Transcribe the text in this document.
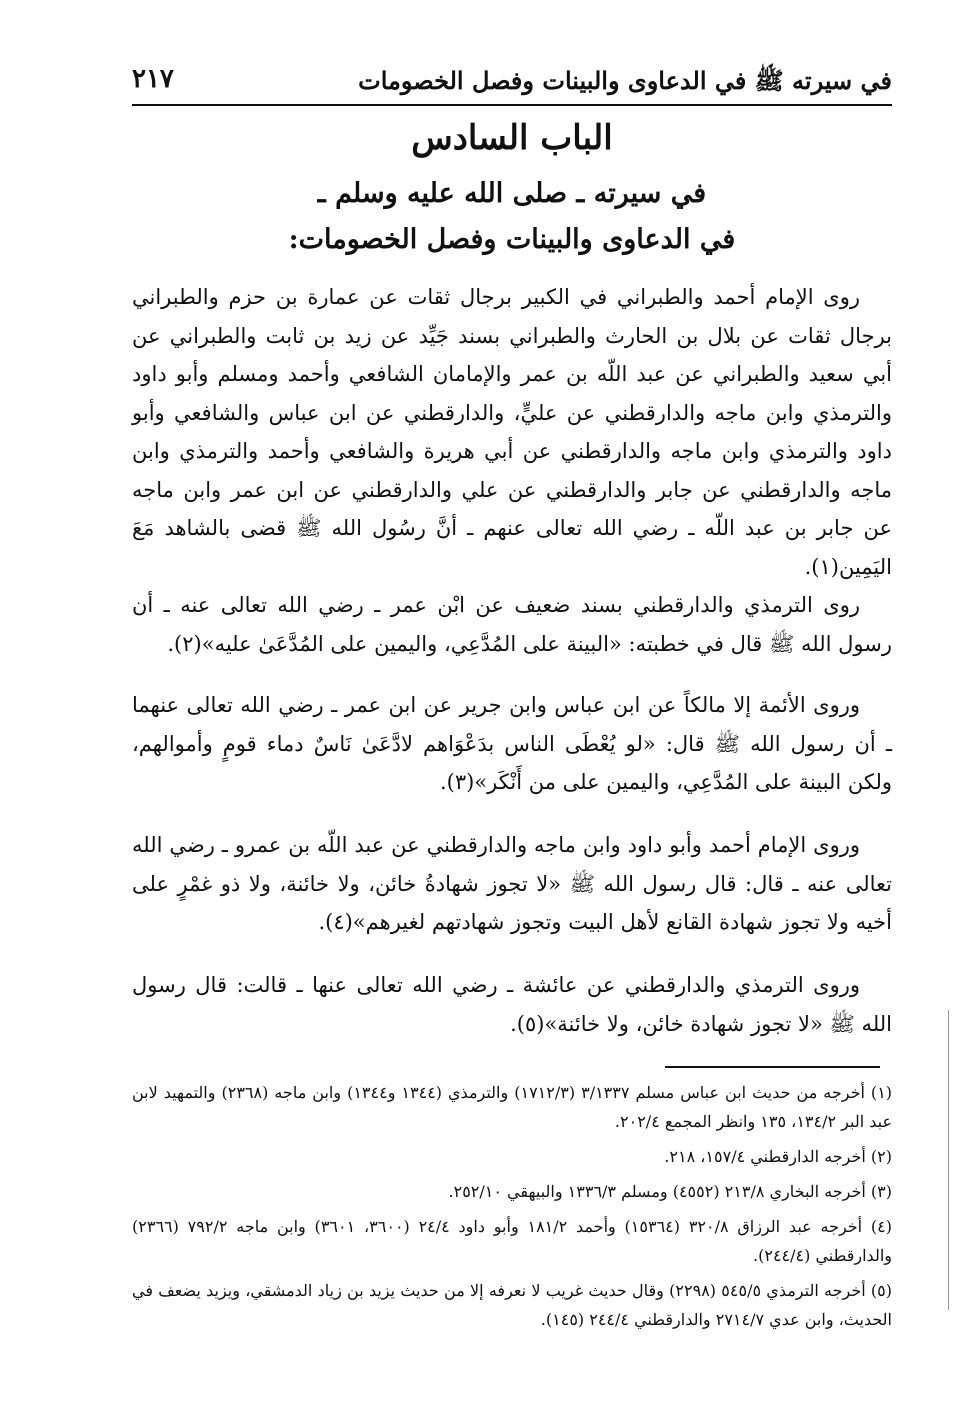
في سيرته ﷺ في الدعاوى والبينات وفصل الخصومات
٢١٧
الباب السادس
في سيرته ـ صلى الله عليه وسلم ـ
في الدعاوى والبينات وفصل الخصومات:

روى الإمام أحمد والطبراني في الكبير برجال ثقات عن عمارة بن حزم والطبراني برجال ثقات عن بلال بن الحارث والطبراني بسند جَيِّد عن زيد بن ثابت والطبراني عن أبي سعيد والطبراني عن عبد اللّه بن عمر والإمامان الشافعي وأحمد ومسلم وأبو داود والترمذي وابن ماجه والدارقطني عن عليٍّ، والدارقطني عن ابن عباس والشافعي وأبو داود والترمذي وابن ماجه والدارقطني عن أبي هريرة والشافعي وأحمد والترمذي وابن ماجه والدارقطني عن جابر والدارقطني عن علي والدارقطني عن ابن عمر وابن ماجه عن جابر بن عبد اللّه ـ رضي الله تعالى عنهم ـ أنَّ رسُول الله ﷺ قضى بالشاهد مَعَ اليَمِين(١).

روى الترمذي والدارقطني بسند ضعيف عن ابْن عمر ـ رضي الله تعالى عنه ـ أن رسول الله ﷺ قال في خطبته: «البينة على المُدَّعِي، واليمين على المُدَّعَىٰ عليه»(٢).

وروى الأئمة إلا مالكاً عن ابن عباس وابن جرير عن ابن عمر ـ رضي الله تعالى عنهما ـ أن رسول الله ﷺ قال: «لو يُعْطَى الناس بدَعْوَاهم لادَّعَىٰ نَاسٌ دماء قومٍ وأموالهم، ولكن البينة على المُدَّعِي، واليمين على من أَنْكَر»(٣).

وروى الإمام أحمد وأبو داود وابن ماجه والدارقطني عن عبد اللّه بن عمرو ـ رضي الله تعالى عنه ـ قال: قال رسول الله ﷺ «لا تجوز شهادةُ خائن، ولا خائنة، ولا ذو غمْرٍ على أخيه ولا تجوز شهادة القانع لأهل البيت وتجوز شهادتهم لغيرهم»(٤).

وروى الترمذي والدارقطني عن عائشة ـ رضي الله تعالى عنها ـ قالت: قال رسول الله ﷺ «لا تجوز شهادة خائن، ولا خائنة»(٥).

(١) أخرجه من حديث ابن عباس مسلم ٣/١٣٣٧ (١٧١٢/٣) والترمذي (١٣٤٤ و١٣٤٤) وابن ماجه (٢٣٦٨) والتمهيد لابن عبد البر ١٣٤/٢، ١٣٥ وانظر المجمع ٢٠٢/٤.

(٢) أخرجه الدارقطني ١٥٧/٤، ٢١٨.

(٣) أخرجه البخاري ٢١٣/٨ (٤٥٥٢) ومسلم ١٣٣٦/٣ والبيهقي ٢٥٢/١٠.

(٤) أخرجه عبد الرزاق ٣٢٠/٨ (١٥٣٦٤) وأحمد ١٨١/٢ وأبو داود ٢٤/٤ (٣٦٠٠، ٣٦٠١) وابن ماجه ٧٩٢/٢ (٢٣٦٦) والدارقطني (٢٤٤/٤).

(٥) أخرجه الترمذي ٥٤٥/٥ (٢٢٩٨) وقال حديث غريب لا نعرفه إلا من حديث يزيد بن زياد الدمشقي، ويزيد يضعف في الحديث، وابن عدي ٢٧١٤/٧ والدارقطني ٢٤٤/٤ (١٤٥).
